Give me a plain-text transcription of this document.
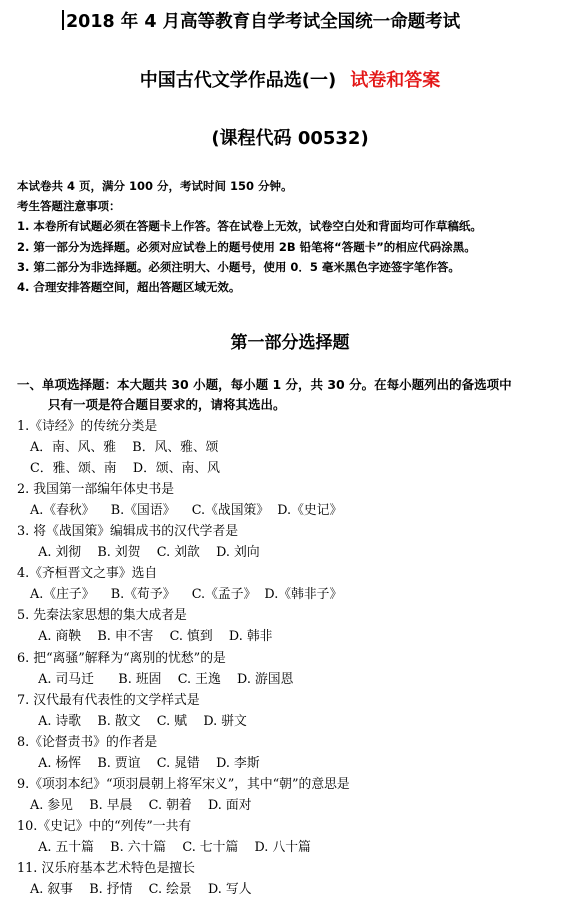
2018 年 4 月高等教育自学考试全国统一命题考试
中国古代文学作品选(一) 试卷和答案
(课程代码 00532)
本试卷共 4 页，满分 100 分，考试时间 150 分钟。
考生答题注意事项：
1. 本卷所有试题必须在答题卡上作答。答在试卷上无效，试卷空白处和背面均可作草稿纸。
2. 第一部分为选择题。必须对应试卷上的题号使用 2B 铅笔将“答题卡”的相应代码涂黑。
3. 第二部分为非选择题。必须注明大、小题号，使用 0．5 毫米黑色字迹签字笔作答。
4. 合理安排答题空间，超出答题区域无效。
第一部分选择题
一、单项选择题：本大题共 30 小题，每小题 1 分，共 30 分。在每小题列出的备选项中
只有一项是符合题目要求的，请将其选出。
1.《诗经》的传统分类是
A．南、风、雅    B．风、雅、颂
C．雅、颂、南    D．颂、南、风
2. 我国第一部编年体史书是
A.《春秋》    B.《国语》    C.《战国策》  D.《史记》
3. 将《战国策》编辑成书的汉代学者是
A. 刘彻    B. 刘贺    C. 刘歆    D. 刘向
4.《齐桓晋文之事》选自
A.《庄子》    B.《荀予》    C.《孟子》  D.《韩非子》
5. 先秦法家思想的集大成者是
A. 商鞅    B. 申不害    C. 慎到    D. 韩非
6. 把“离骚”解释为“离别的忧愁”的是
A. 司马迁      B. 班固    C. 王逸    D. 游国恩
7. 汉代最有代表性的文学样式是
A. 诗歌    B. 散文    C. 赋    D. 骈文
8.《论督责书》的作者是
A. 杨恽    B. 贾谊    C. 晁错    D. 李斯
9.《项羽本纪》“项羽晨朝上将军宋义”，其中“朝”的意思是
A. 参见    B. 早晨    C. 朝着    D. 面对
10.《史记》中的“列传”一共有
A. 五十篇    B. 六十篇    C. 七十篇    D. 八十篇
11. 汉乐府基本艺术特色是擅长
A. 叙事    B. 抒情    C. 绘景    D. 写人
